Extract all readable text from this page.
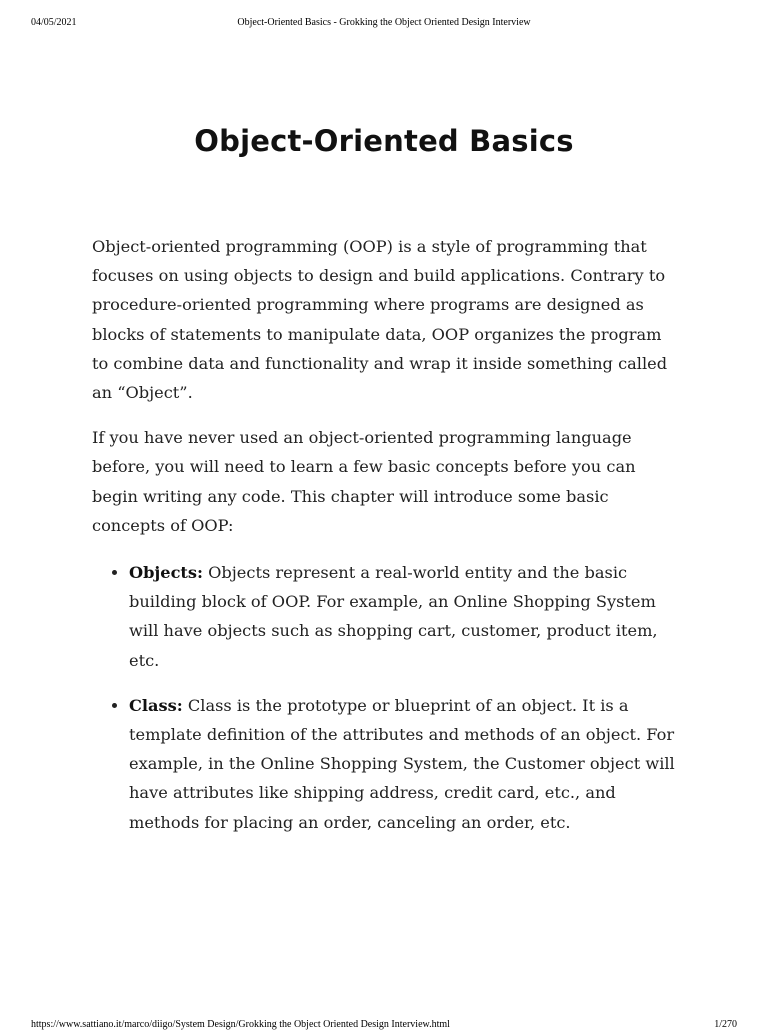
04/05/2021	Object-Oriented Basics - Grokking the Object Oriented Design Interview
Object-Oriented Basics

Object-oriented programming (OOP) is a style of programming that focuses on using objects to design and build applications. Contrary to procedure-oriented programming where programs are designed as blocks of statements to manipulate data, OOP organizes the program to combine data and functionality and wrap it inside something called an “Object”.

If you have never used an object-oriented programming language before, you will need to learn a few basic concepts before you can begin writing any code. This chapter will introduce some basic concepts of OOP:

• Objects: Objects represent a real-world entity and the basic building block of OOP. For example, an Online Shopping System will have objects such as shopping cart, customer, product item, etc.
• Class: Class is the prototype or blueprint of an object. It is a template definition of the attributes and methods of an object. For example, in the Online Shopping System, the Customer object will have attributes like shipping address, credit card, etc., and methods for placing an order, canceling an order, etc.
https://www.sattiano.it/marco/diigo/System Design/Grokking the Object Oriented Design Interview.html	1/270
